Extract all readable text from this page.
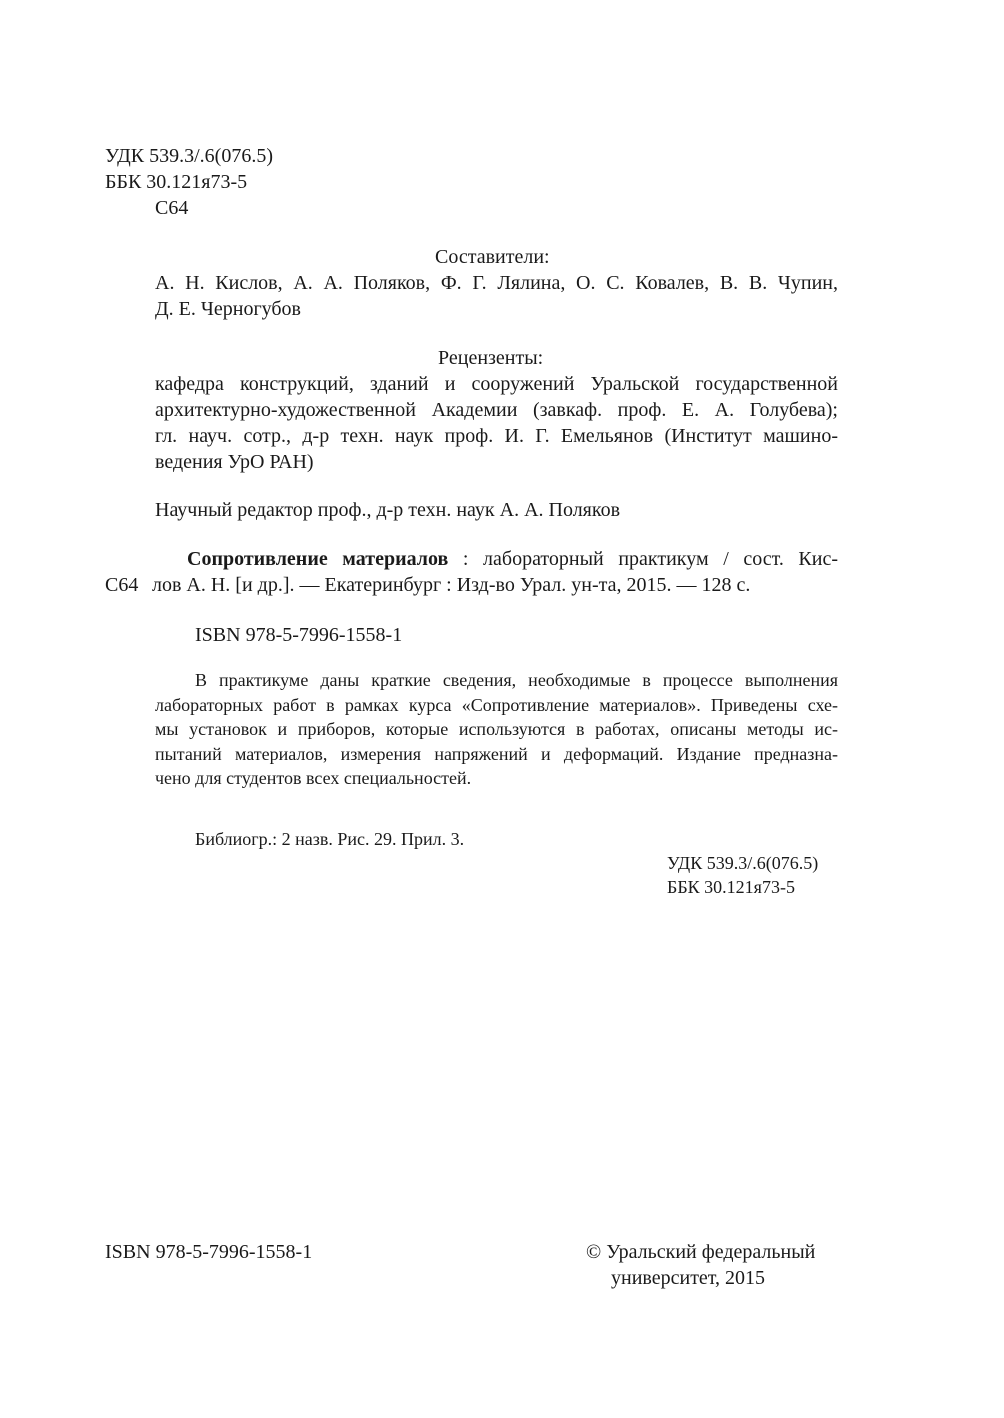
УДК 539.3/.6(076.5)
ББК 30.121я73-5
С64
Составители:
А. Н. Кислов, А. А. Поляков, Ф. Г. Лялина, О. С. Ковалев, В. В. Чупин,
Д. Е. Черногубов
Рецензенты:
кафедра конструкций, зданий и сооружений Уральской государственной
архитектурно-художественной Академии (завкаф. проф. Е. А. Голубева);
гл. науч. сотр., д-р техн. наук проф. И. Г. Емельянов (Институт машино-
ведения УрО РАН)
Научный редактор проф., д-р техн. наук А. А. Поляков
Сопротивление материалов : лабораторный практикум / сост. Кис-
С64 лов А. Н. [и др.]. — Екатеринбург : Изд-во Урал. ун-та, 2015. — 128 с.
ISBN 978-5-7996-1558-1
В практикуме даны краткие сведения, необходимые в процессе выполнения
лабораторных работ в рамках курса «Сопротивление материалов». Приведены схе-
мы установок и приборов, которые используются в работах, описаны методы ис-
пытаний материалов, измерения напряжений и деформаций. Издание предназна-
чено для студентов всех специальностей.
Библиогр.: 2 назв. Рис. 29. Прил. 3.
УДК 539.3/.6(076.5)
ББК 30.121я73-5
ISBN 978-5-7996-1558-1	© Уральский федеральный
университет, 2015
